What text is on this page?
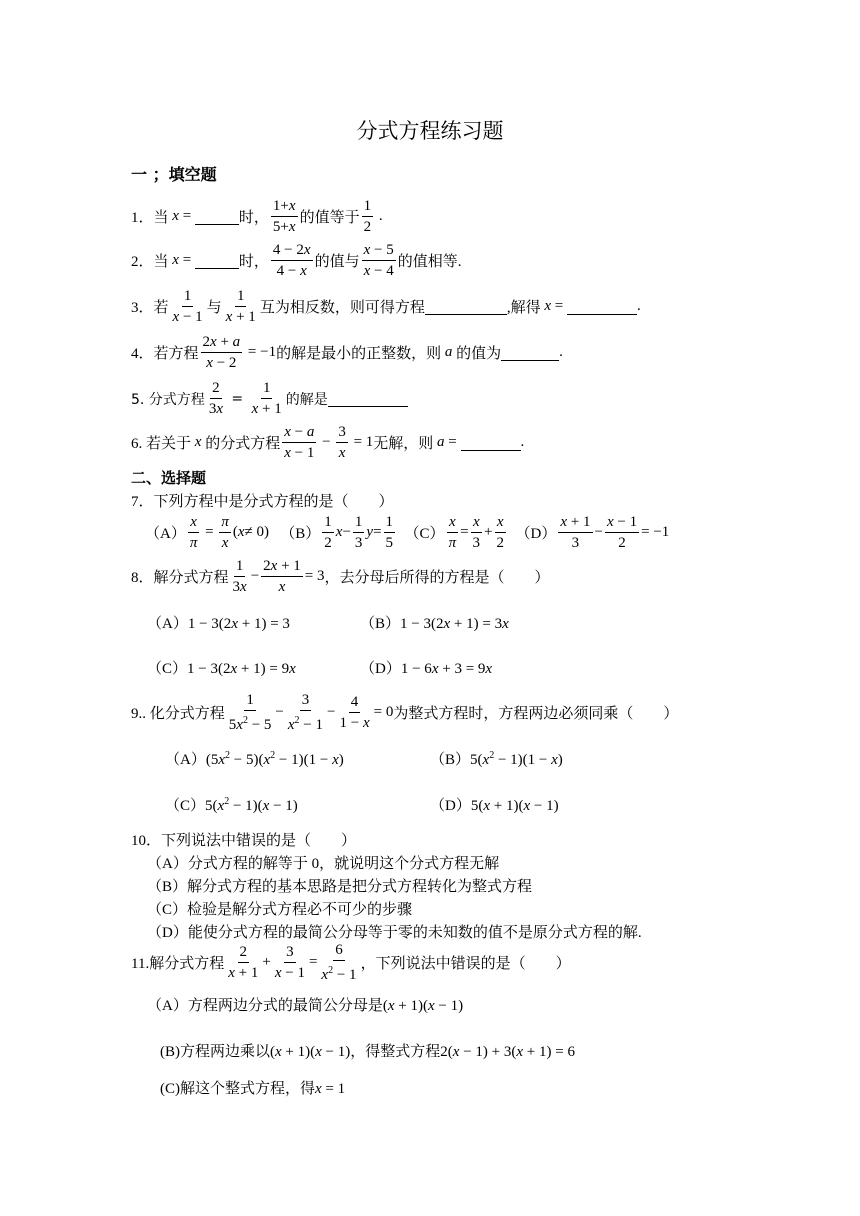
分式方程练习题
一 ；填空题
1．当
x =	时， $\frac{1+x}{5+x}$ 的值等于 $\frac{1}{2}$ .
2．当
x =	时， $\frac{4 - 2x}{4 - x}$ 的值与 $\frac{x - 5}{x - 4}$ 的值相等.
3．若 $\frac{1}{x - 1}$ 与 $\frac{1}{x + 1}$ 互为相反数，则可得方程	,解得
x =	.
4．若方程 $\frac{2x + a}{x - 2} = -1$ 的解是最小的正整数，则
a
的值为	.
5. 分式方程 $\frac{2}{3x} = \frac{1}{x + 1}$ 的解是
6. 若关于
x
的分式方程 $\frac{x - a}{x - 1} - \frac{3}{x} = 1$ 无解，则
a =	.
二、选择题
7．下列方程中是分式方程的是（　　）
$(A) \frac{x}{\pi} = \frac{\pi}{x}$ ( x ≠ 0) $(B) \frac{1}{2}$ $x - \frac{1}{3}$ $y = \frac{1}{5}$
$(C) \frac{x}{\pi} = \frac{x}{3} + \frac{x}{2}$
$(D) \frac{x + 1}{3} - \frac{x - 1}{2} = -1$
8．解分式方程 $\frac{1}{3x} - \frac{2x + 1}{x} = 3$ ，去分母后所得的方程是（　　）
（A）1 − 3(2x + 1) = 3	（B）1 − 3(2x + 1) = 3x
（C）1 − 3(2x + 1) = 9x	（D）1 − 6x + 3 = 9x
9.. 化分式方程 $\frac{1}{5x^2 - 5} - \frac{3}{x^2 - 1} - \frac{4}{1 - x} = 0$ 为整式方程时，方程两边必须同乘（　　）
$(A)(5x^2 - 5)(x^2 - 1)(1 - x)$	$(B)5(x^2 - 1)(1 - x)$
$(C)5(x^2 - 1)(x - 1)$	（D）5(x + 1)(x − 1)
10．下列说法中错误的是（　　）
（A）分式方程的解等于 0，就说明这个分式方程无解
（B）解分式方程的基本思路是把分式方程转化为整式方程
（C）检验是解分式方程必不可少的步骤
（D）能使分式方程的最简公分母等于零的未知数的值不是原分式方程的解.
11.解分式方程 $\frac{2}{x + 1} + \frac{3}{x - 1} = \frac{6}{x^2 - 1}$ ，下列说法中错误的是（　　）
（A）方程两边分式的最简公分母是(x + 1)(x − 1)
(B)方程两边乘以(x + 1)(x − 1)，得整式方程2(x − 1) + 3(x + 1) = 6
(C)解这个整式方程，得x = 1
